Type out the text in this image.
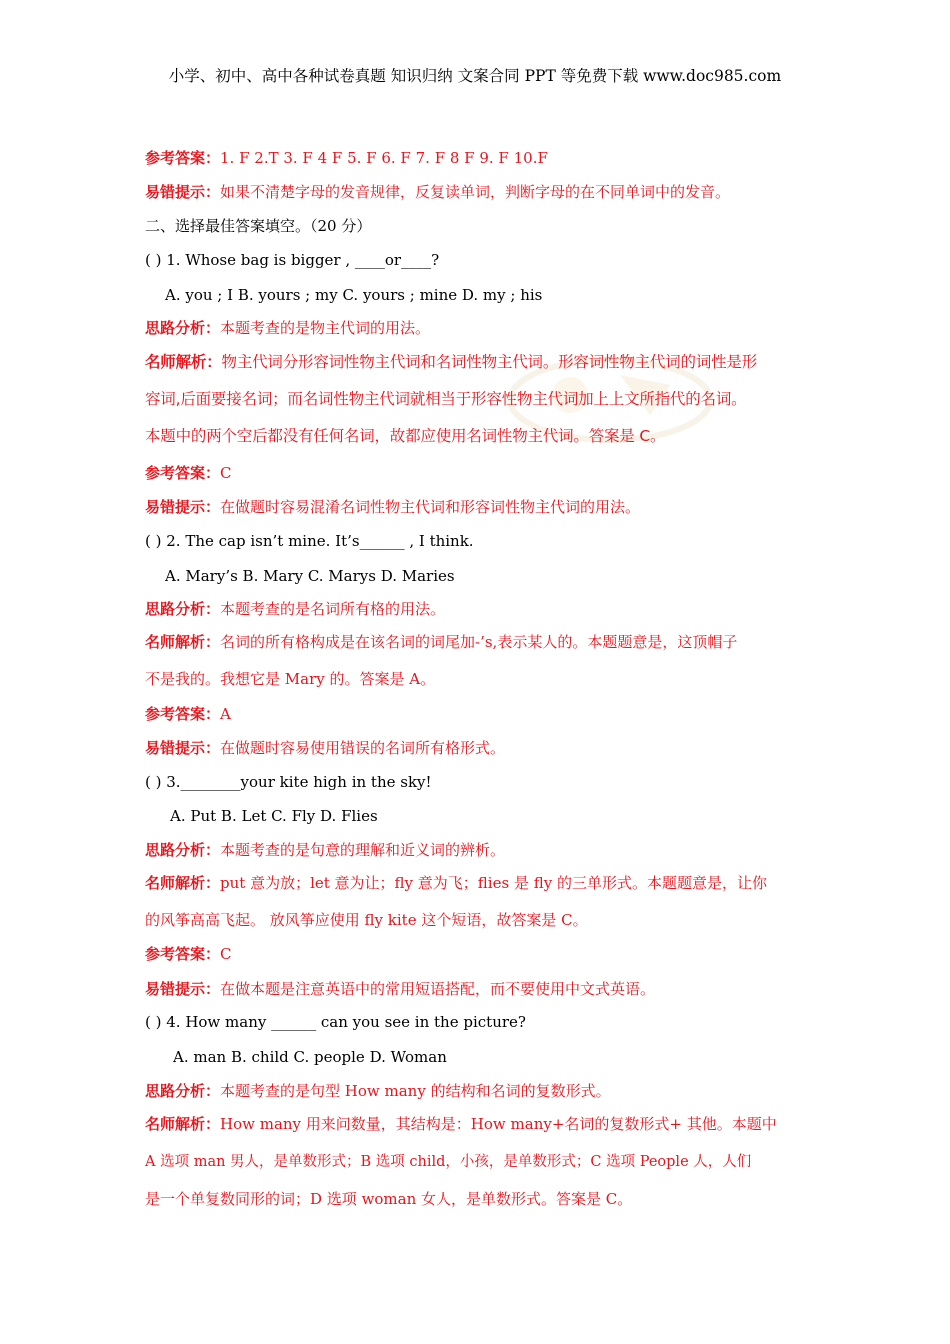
小学、初中、高中各种试卷真题 知识归纳 文案合同 PPT 等免费下载 www.doc985.com
参考答案：1. F 2.T 3. F 4 F 5. F 6. F 7. F 8 F 9. F 10.F
易错提示：如果不清楚字母的发音规律，反复读单词，判断字母的在不同单词中的发音。
二、选择最佳答案填空。（20 分）
( ) 1. Whose bag is bigger , ____or____?
A. you ; I B. yours ; my C. yours ; mine D. my ; his
思路分析：本题考查的是物主代词的用法。
名师解析：物主代词分形容词性物主代词和名词性物主代词。形容词性物主代词的词性是形
容词,后面要接名词；而名词性物主代词就相当于形容性物主代词加上上文所指代的名词。
本题中的两个空后都没有任何名词，故都应使用名词性物主代词。答案是 C。
参考答案：C
易错提示：在做题时容易混淆名词性物主代词和形容词性物主代词的用法。
( ) 2. The cap isn’t mine. It’s______ , I think.
A. Mary’s B. Mary C. Marys D. Maries
思路分析：本题考查的是名词所有格的用法。
名师解析：名词的所有格构成是在该名词的词尾加-’s,表示某人的。本题题意是，这顶帽子
不是我的。我想它是 Mary 的。答案是 A。
参考答案：A
易错提示：在做题时容易使用错误的名词所有格形式。
( ) 3.________your kite high in the sky!
A. Put B. Let C. Fly D. Flies
思路分析：本题考查的是句意的理解和近义词的辨析。
名师解析：put 意为放；let 意为让；fly 意为飞；flies 是 fly 的三单形式。本题题意是，让你
的风筝高高飞起。 放风筝应使用 fly kite 这个短语，故答案是 C。
参考答案：C
易错提示：在做本题是注意英语中的常用短语搭配，而不要使用中文式英语。
( ) 4. How many ______ can you see in the picture?
A. man B. child C. people D. Woman
思路分析：本题考查的是句型 How many 的结构和名词的复数形式。
名师解析：How many 用来问数量，其结构是：How many+名词的复数形式+ 其他。本题中
A 选项 man 男人，是单数形式；B 选项 child，小孩，是单数形式；C 选项 People 人，人们
是一个单复数同形的词；D 选项 woman 女人，是单数形式。答案是 C。
